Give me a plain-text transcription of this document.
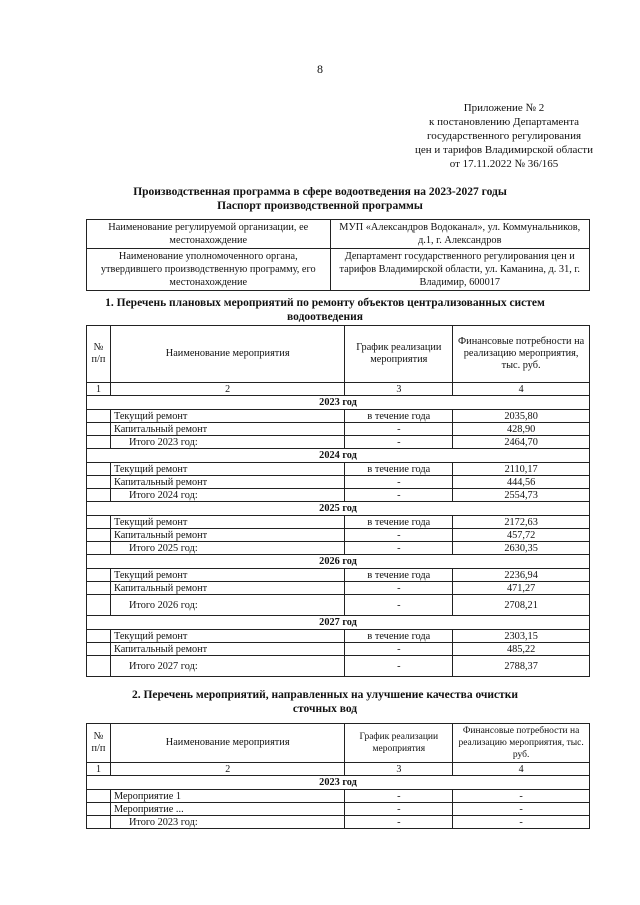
8
Приложение № 2
к постановлению Департамента
государственного регулирования
цен и тарифов Владимирской области
от 17.11.2022 № 36/165
Производственная программа в сфере водоотведения на 2023-2027 годы
Паспорт производственной программы
Наименование регулируемой организации, ее местонахождение	МУП «Александров Водоканал», ул. Коммунальников, д.1, г. Александров
Наименование уполномоченного органа, утвердившего производственную программу, его местонахождение	Департамент государственного регулирования цен и тарифов Владимирской области, ул. Каманина, д. 31, г. Владимир, 600017
1. Перечень плановых мероприятий по ремонту объектов централизованных систем
водоотведения
№ п/п	Наименование мероприятия	График реализации мероприятия	Финансовые потребности на реализацию мероприятия, тыс. руб.
1	2	3	4
2023 год			
	Текущий ремонт	в течение года	2035,80
	Капитальный ремонт	-	428,90
	Итого 2023 год:	-	2464,70
2024 год			
	Текущий ремонт	в течение года	2110,17
	Капитальный ремонт	-	444,56
	Итого 2024 год:	-	2554,73
2025 год			
	Текущий ремонт	в течение года	2172,63
	Капитальный ремонт	-	457,72
	Итого 2025 год:	-	2630,35
2026 год			
	Текущий ремонт	в течение года	2236,94
	Капитальный ремонт	-	471,27
	Итого 2026 год:	-	2708,21
2027 год			
	Текущий ремонт	в течение года	2303,15
	Капитальный ремонт	-	485,22
	Итого 2027 год:	-	2788,37
2. Перечень мероприятий, направленных на улучшение качества очистки
сточных вод
№ п/п	Наименование мероприятия	График реализации мероприятия	Финансовые потребности на реализацию мероприятия, тыс. руб.
1	2	3	4
2023 год			
	Мероприятие 1	-	-
	Мероприятие ...	-	-
	Итого 2023 год:	-	-
